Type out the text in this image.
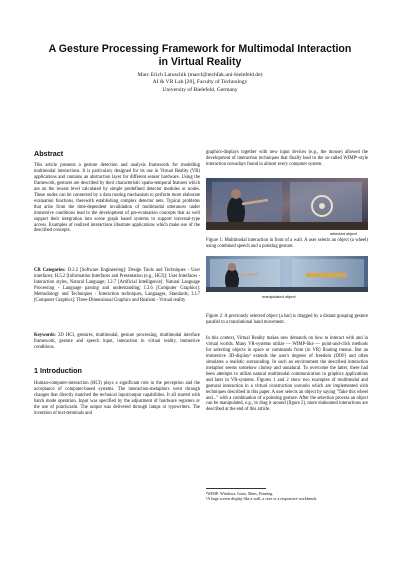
A Gesture Processing Framework for Multimodal Interaction
in Virtual Reality
Marc Erich Latoschik (marcl@techfak.uni-bielefeld.de)
AI & VR Lab [20], Faculty of Technology
University of Bielefeld, Germany
Abstract
This article presents a gesture detection and analysis framework for modelling multimodal interactions. It is particulary designed for its use in Virtual Reality (VR) applications and contains an abstraction layer for different sensor hardware. Using the framework, gestures are described by their characteristic spatio-temporal features which are on the lowest level calculated by simple predefined detector modules or nodes. These nodes can be connected by a data routing mechanism to perform more elaborate evaluation functions, therewith establishing complex detector nets. Typical problems that arise from the time-dependent invalidation of multimodal utterances under immersive conditions lead to the development of pre-evaluation concepts that as well support their integration into scene graph based systems to support traversal-type access. Examples of realized interactions illustrate applications which make use of the described concepts.
CR Categories: D.2.2 [Software Engineering]: Design Tools and Techniques - User interfaces; H.5.2 [Information Interfaces and Presentation (e.g., HCI)]: User Interfaces - Interaction styles, Natural Language; I.2.7 [Artificial Intelligence]: Natural Language Processing - Language parsing and understanding; I.3.6 [Computer Graphics]: Methodology and Techniques - Interaction techniques, Languages, Standards; I.3.7 [Computer Graphics]: Three-Dimensional Graphics and Realism - Virtual reality
Keywords: 3D HCI, gestures, multimodal, gesture processing, multimodal interface framework, gesture and speech input, interaction in virtual reality, immersive conditions.
1 Introduction
Human-computer-interaction (HCI) plays a significant role in the perception and the acceptance of computer-based systems. The interaction-metaphors went through changes that directly matched the technical input/output capabilities. It all started with batch mode operation. Input was specified by the adjustment of hardware registers or the use of punchcards. The output was delivered through lamps or typewriters. The invention of text-terminals and
graphics-displays together with new input devices (e.g., the mouse) allowed the development of interaction techniques that finally lead to the so-called WIMP¹-style interaction nowadays found in almost every computer system.
selected object
Figure 1: Multimodal interaction in front of a wall. A user selects an object (a wheel) using combined speech and a pointing gesture.
manipulated object
Figure 2: A previously selected object (a bar) is dragged by a distant grasping gesture parallel to a translational hand movement.
In this context, Virtual Reality makes new demands on how to interact with and in virtual worlds. Many VR-systems utilize — WIMP-like — point-and-click methods for selecting objects in space or commands from (in VR) floating menus. But an immersive 3D-display² extends the user's degrees of freedom (DOF) and often simulates a realistic surrounding. In such an environment the described interaction metaphor seems somehow clumsy and unnatural. To overcome the latter, there had been attempts to utilize natural multimodal communication in graphics applications and later in VR-systems. Figures 1 and 2 show two examples of multimodal and gestural interaction in a virtual construction scenario which are implemented with techniques described in this paper. A user selects an object by saying "Take this wheel and..." with a combination of a pointing gesture. After the selection process an object can be manipulated, e.g., to drag it around (figure 2), more elaborated interactions are described at the end of this article.
¹WIMP: Windows, Icons, Mens, Pointing
²A large screen display like a wall, a cave or a responsive workbench.
